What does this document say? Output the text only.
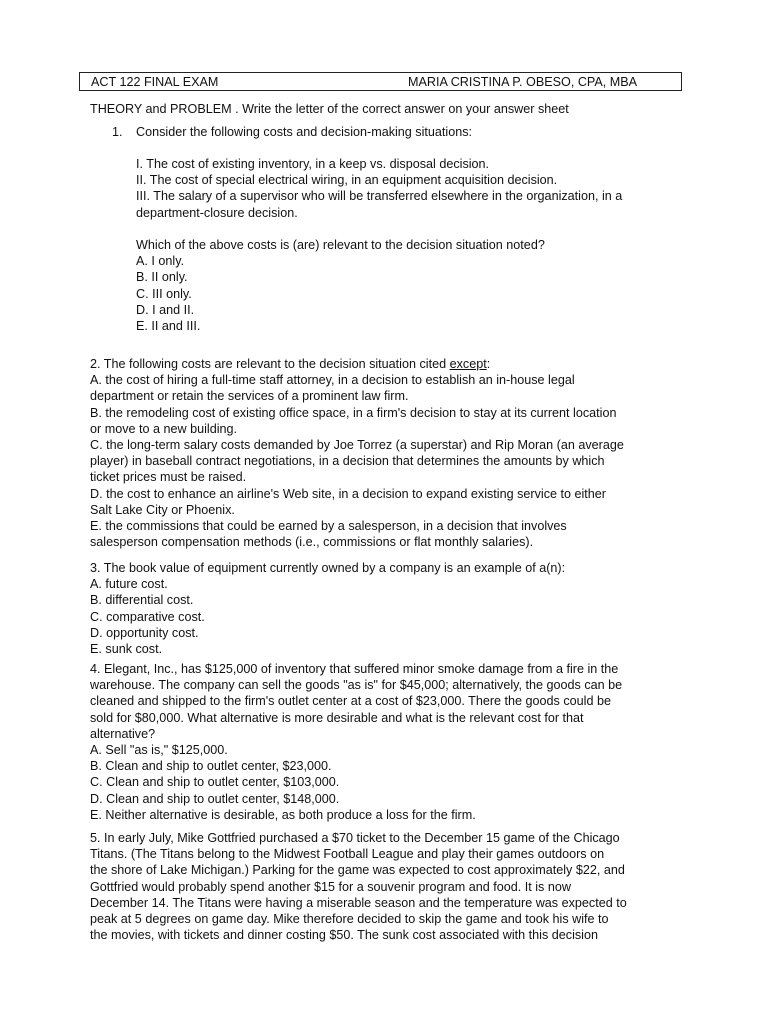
ACT 122 FINAL EXAM	MARIA CRISTINA P. OBESO, CPA, MBA
THEORY and PROBLEM . Write the letter of the correct answer on your answer sheet
1. Consider the following costs and decision-making situations:
I. The cost of existing inventory, in a keep vs. disposal decision.
II. The cost of special electrical wiring, in an equipment acquisition decision.
III. The salary of a supervisor who will be transferred elsewhere in the organization, in a
department-closure decision.
Which of the above costs is (are) relevant to the decision situation noted?
A. I only.
B. II only.
C. III only.
D. I and II.
E. II and III.
2. The following costs are relevant to the decision situation cited except:
A. the cost of hiring a full-time staff attorney, in a decision to establish an in-house legal
department or retain the services of a prominent law firm.
B. the remodeling cost of existing office space, in a firm's decision to stay at its current location
or move to a new building.
C. the long-term salary costs demanded by Joe Torrez (a superstar) and Rip Moran (an average
player) in baseball contract negotiations, in a decision that determines the amounts by which
ticket prices must be raised.
D. the cost to enhance an airline's Web site, in a decision to expand existing service to either
Salt Lake City or Phoenix.
E. the commissions that could be earned by a salesperson, in a decision that involves
salesperson compensation methods (i.e., commissions or flat monthly salaries).
3. The book value of equipment currently owned by a company is an example of a(n):
A. future cost.
B. differential cost.
C. comparative cost.
D. opportunity cost.
E. sunk cost.
4. Elegant, Inc., has $125,000 of inventory that suffered minor smoke damage from a fire in the
warehouse. The company can sell the goods "as is" for $45,000; alternatively, the goods can be
cleaned and shipped to the firm's outlet center at a cost of $23,000. There the goods could be
sold for $80,000. What alternative is more desirable and what is the relevant cost for that
alternative?
A. Sell "as is," $125,000.
B. Clean and ship to outlet center, $23,000.
C. Clean and ship to outlet center, $103,000.
D. Clean and ship to outlet center, $148,000.
E. Neither alternative is desirable, as both produce a loss for the firm.
5. In early July, Mike Gottfried purchased a $70 ticket to the December 15 game of the Chicago
Titans. (The Titans belong to the Midwest Football League and play their games outdoors on
the shore of Lake Michigan.) Parking for the game was expected to cost approximately $22, and
Gottfried would probably spend another $15 for a souvenir program and food. It is now
December 14. The Titans were having a miserable season and the temperature was expected to
peak at 5 degrees on game day. Mike therefore decided to skip the game and took his wife to
the movies, with tickets and dinner costing $50. The sunk cost associated with this decision
